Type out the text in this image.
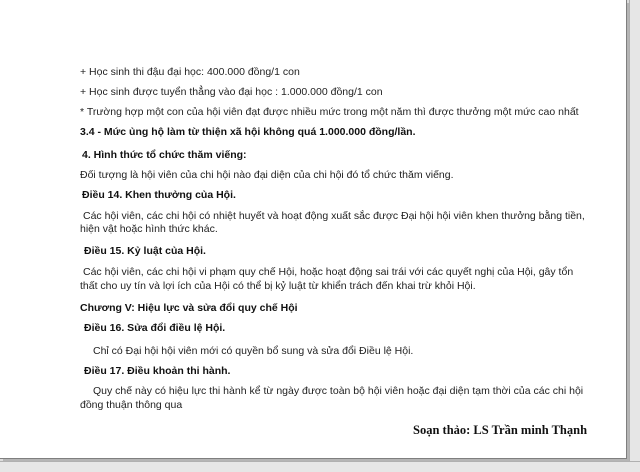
+ Học sinh thi đậu đại học: 400.000 đồng/1 con
+ Học sinh được tuyển thẳng vào đại học : 1.000.000 đồng/1 con
* Trường hợp một con của hội viên đạt được nhiều mức trong một năm thì được thưởng một mức cao nhất
3.4 - Mức ủng hộ làm từ thiện xã hội không quá 1.000.000 đồng/lần.
4. Hình thức tổ chức thăm viếng:
Đối tượng là hội viên của chi hội nào đại diện của chi hội đó tổ chức thăm viếng.
Điều 14. Khen thưởng của Hội.
Các hội viên, các chi hội có nhiệt huyết và hoạt động xuất sắc được Đại hội hội viên khen thưởng bằng tiền,
hiện vật hoặc hình thức khác.
Điều 15. Kỷ luật của Hội.
Các hội viên, các chi hội vi phạm quy chế Hội, hoặc hoạt động sai trái với các quyết nghị của Hội, gây tổn
thất cho uy tín và lợi ích của Hội có thể bị kỷ luật từ khiển trách đến khai trừ khỏi Hội.
Chương V: Hiệu lực và sửa đổi quy chế Hội
Điều 16. Sửa đổi điều lệ Hội.
Chỉ có Đại hội hội viên mới có quyền bổ sung và sửa đổi Điều lệ Hội.
Điều 17. Điều khoản thi hành.
Quy chế này có hiệu lực thi hành kể từ ngày được toàn bộ hội viên hoặc đại diện tạm thời của các chi hội
đồng thuận thông qua
Soạn thảo: LS Trần minh Thạnh
